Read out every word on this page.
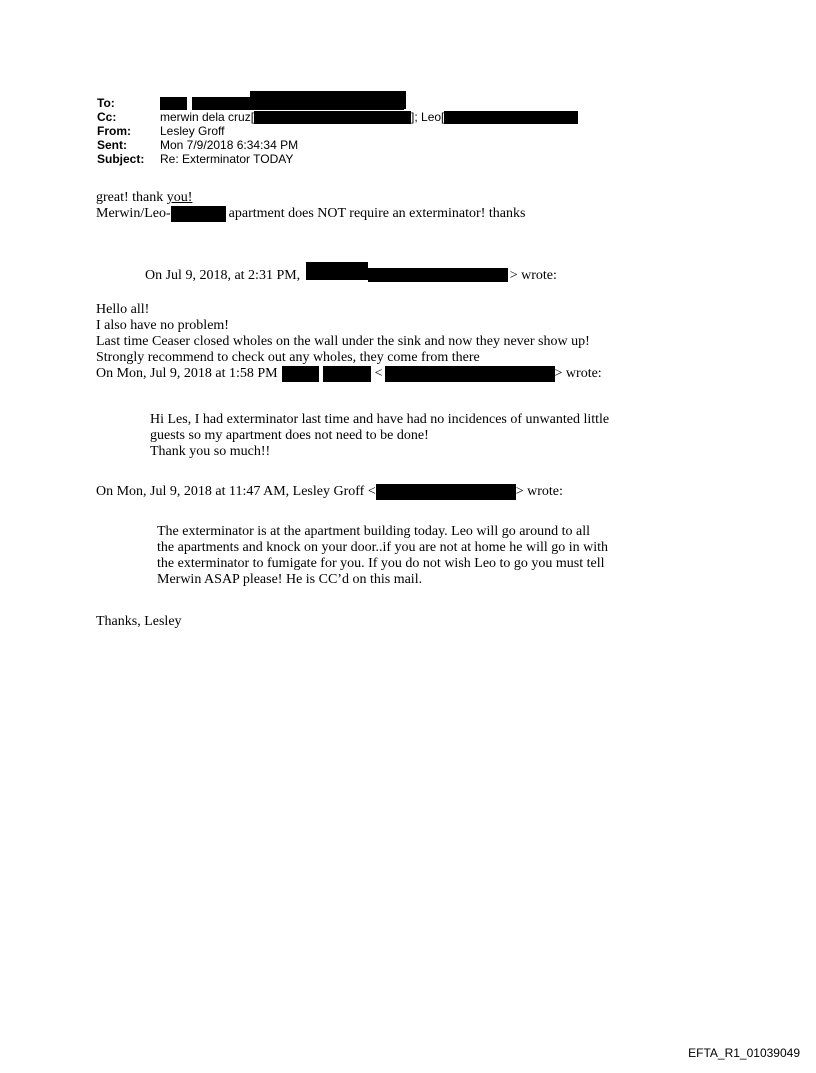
To:

Cc:	merwin dela cruz[	]; Leo[
From: Lesley Groff
Sent:	Mon 7/9/2018 6:34:34 PM
Subject: Re: Exterminator TODAY
great! thank you!
Merwin/Leo-	apartment does NOT require an exterminator! thanks
On Jul 9, 2018, at 2:31 PM,	> wrote:
Hello all!
I also have no problem!
Last time Ceaser closed wholes on the wall under the sink and now they never show up!
Strongly recommend to check out any wholes, they come from there
On Mon, Jul 9, 2018 at 1:58 PM	<	> wrote:
Hi Les, I had exterminator last time and have had no incidences of unwanted little
guests so my apartment does not need to be done!
Thank you so much!!
On Mon, Jul 9, 2018 at 11:47 AM, Lesley Groff <	> wrote:
The exterminator is at the apartment building today. Leo will go around to all
the apartments and knock on your door..if you are not at home he will go in with
the exterminator to fumigate for you. If you do not wish Leo to go you must tell
Merwin ASAP please! He is CC’d on this mail.
Thanks, Lesley
EFTA_R1_01039049
